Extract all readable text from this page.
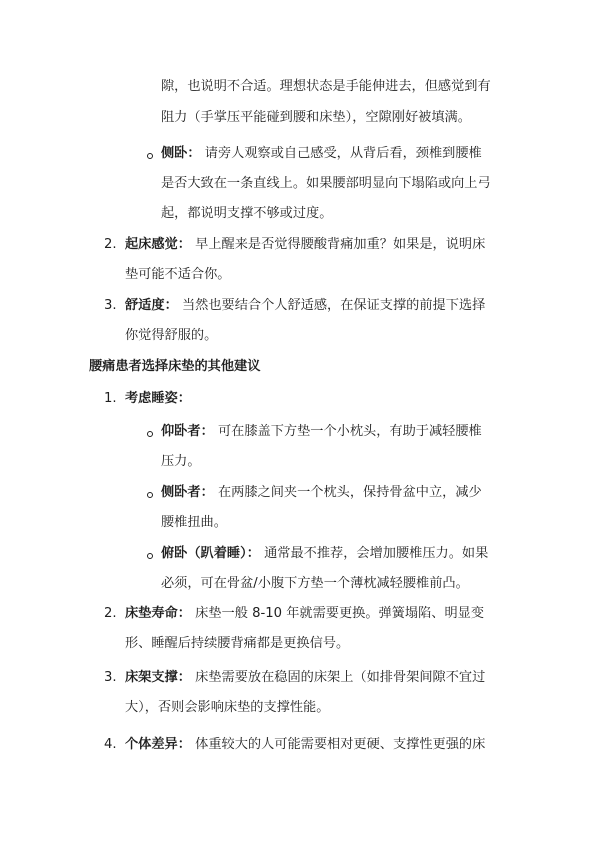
隙，也说明不合适。理想状态是手能伸进去，但感觉到有
阻力（手掌压平能碰到腰和床垫），空隙刚好被填满。
侧卧： 请旁人观察或自己感受，从背后看，颈椎到腰椎
是否大致在一条直线上。如果腰部明显向下塌陷或向上弓
起，都说明支撑不够或过度。
2. 起床感觉： 早上醒来是否觉得腰酸背痛加重？如果是，说明床
垫可能不适合你。
3. 舒适度： 当然也要结合个人舒适感，在保证支撑的前提下选择
你觉得舒服的。
腰痛患者选择床垫的其他建议
1. 考虑睡姿：
仰卧者： 可在膝盖下方垫一个小枕头，有助于减轻腰椎
压力。
侧卧者： 在两膝之间夹一个枕头，保持骨盆中立，减少
腰椎扭曲。
俯卧（趴着睡）： 通常最不推荐，会增加腰椎压力。如果
必须，可在骨盆/小腹下方垫一个薄枕减轻腰椎前凸。
2. 床垫寿命： 床垫一般 8-10 年就需要更换。弹簧塌陷、明显变
形、睡醒后持续腰背痛都是更换信号。
3. 床架支撑： 床垫需要放在稳固的床架上（如排骨架间隙不宜过
大），否则会影响床垫的支撑性能。
4. 个体差异： 体重较大的人可能需要相对更硬、支撑性更强的床
